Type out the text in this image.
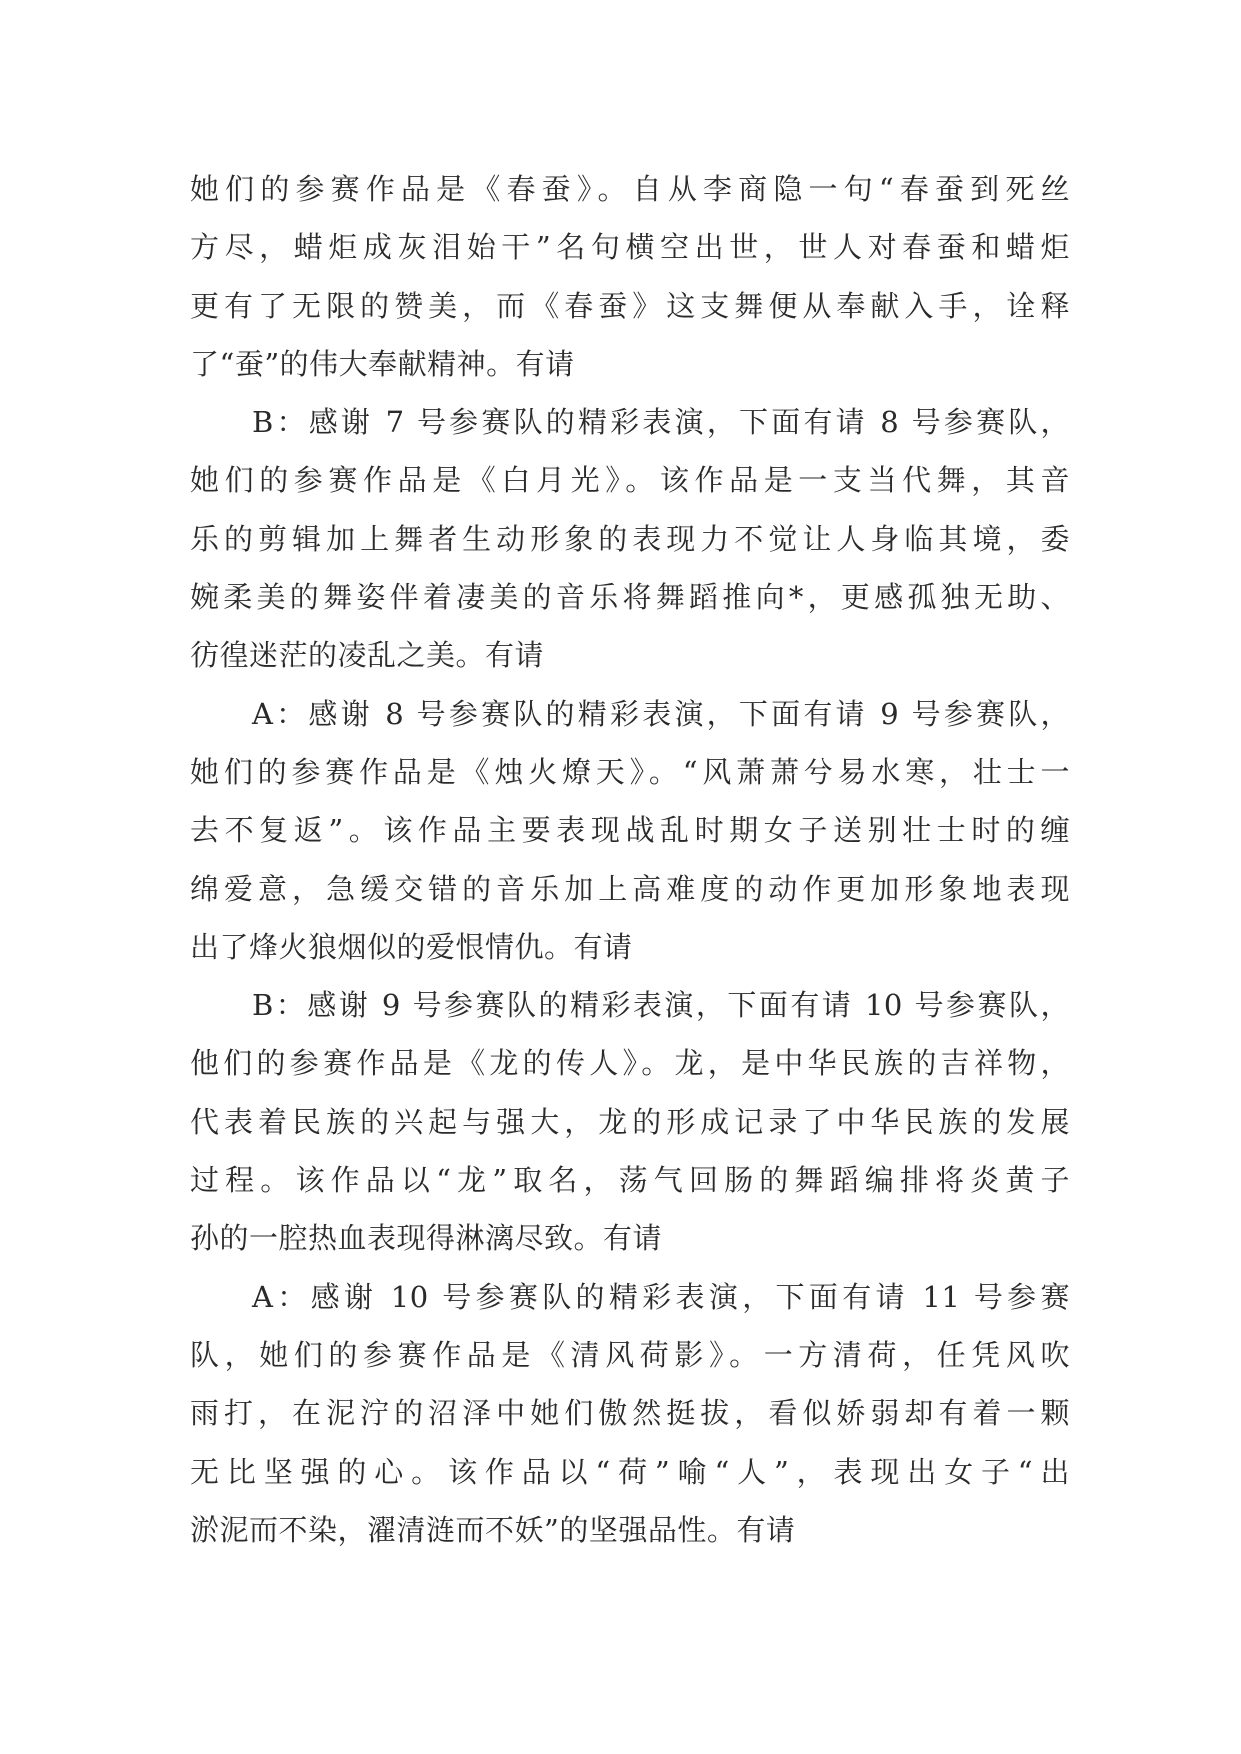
她们的参赛作品是《春蚕》。自从李商隐一句“春蚕到死丝
方尽，蜡炬成灰泪始干”名句横空出世，世人对春蚕和蜡炬
更有了无限的赞美，而《春蚕》这支舞便从奉献入手，诠释
了“蚕”的伟大奉献精神。有请
B：感谢 7 号参赛队的精彩表演，下面有请 8 号参赛队，
她们的参赛作品是《白月光》。该作品是一支当代舞，其音
乐的剪辑加上舞者生动形象的表现力不觉让人身临其境，委
婉柔美的舞姿伴着凄美的音乐将舞蹈推向*，更感孤独无助、
彷徨迷茫的凌乱之美。有请
A：感谢 8 号参赛队的精彩表演，下面有请 9 号参赛队，
她们的参赛作品是《烛火燎天》。“风萧萧兮易水寒，壮士一
去不复返”。该作品主要表现战乱时期女子送别壮士时的缠
绵爱意，急缓交错的音乐加上高难度的动作更加形象地表现
出了烽火狼烟似的爱恨情仇。有请
B：感谢 9 号参赛队的精彩表演，下面有请 10 号参赛队，
他们的参赛作品是《龙的传人》。龙，是中华民族的吉祥物，
代表着民族的兴起与强大，龙的形成记录了中华民族的发展
过程。该作品以“龙”取名，荡气回肠的舞蹈编排将炎黄子
孙的一腔热血表现得淋漓尽致。有请
A：感谢 10 号参赛队的精彩表演，下面有请 11 号参赛
队，她们的参赛作品是《清风荷影》。一方清荷，任凭风吹
雨打，在泥泞的沼泽中她们傲然挺拔，看似娇弱却有着一颗
无比坚强的心。该作品以“荷”喻“人”，表现出女子“出
淤泥而不染，濯清涟而不妖”的坚强品性。有请
